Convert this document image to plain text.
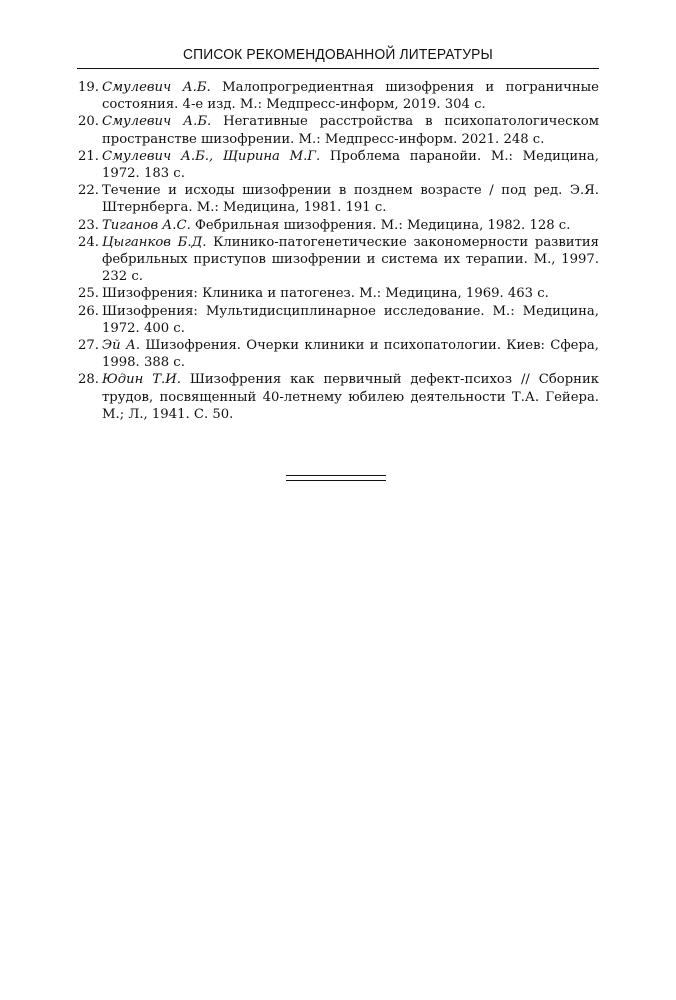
СПИСОК РЕКОМЕНДОВАННОЙ ЛИТЕРАТУРЫ
19. Смулевич А.Б. Малопрогредиентная шизофрения и пограничные состояния. 4-е изд. М.: Медпресс-информ, 2019. 304 с.
20. Смулевич А.Б. Негативные расстройства в психопатологическом пространстве шизофрении. М.: Медпресс-информ. 2021. 248 с.
21. Смулевич А.Б., Щирина М.Г. Проблема паранойи. М.: Медицина, 1972. 183 с.
22. Течение и исходы шизофрении в позднем возрасте / под ред. Э.Я. Штернберга. М.: Медицина, 1981. 191 с.
23. Тиганов А.С. Фебрильная шизофрения. М.: Медицина, 1982. 128 с.
24. Цыганков Б.Д. Клинико-патогенетические закономерности развития фебрильных приступов шизофрении и система их терапии. М., 1997. 232 с.
25. Шизофрения: Клиника и патогенез. М.: Медицина, 1969. 463 с.
26. Шизофрения: Мультидисциплинарное исследование. М.: Медицина, 1972. 400 с.
27. Эй А. Шизофрения. Очерки клиники и психопатологии. Киев: Сфера, 1998. 388 с.
28. Юдин Т.И. Шизофрения как первичный дефект-психоз // Сборник трудов, посвященный 40-летнему юбилею деятельности Т.А. Гейера. М.; Л., 1941. С. 50.
